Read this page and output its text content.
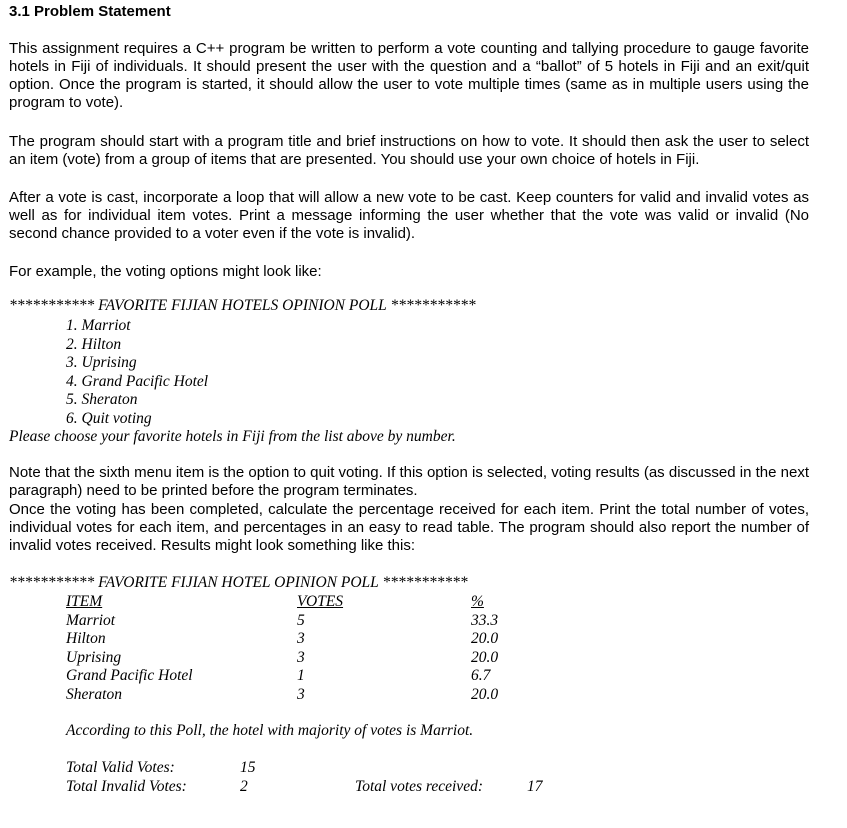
3.1 Problem Statement

This assignment requires a C++ program be written to perform a vote counting and tallying procedure to gauge favorite hotels in Fiji of individuals. It should present the user with the question and a “ballot” of 5 hotels in Fiji and an exit/quit option. Once the program is started, it should allow the user to vote multiple times (same as in multiple users using the program to vote).

The program should start with a program title and brief instructions on how to vote. It should then ask the user to select an item (vote) from a group of items that are presented. You should use your own choice of hotels in Fiji.

After a vote is cast, incorporate a loop that will allow a new vote to be cast. Keep counters for valid and invalid votes as well as for individual item votes. Print a message informing the user whether that the vote was valid or invalid (No second chance provided to a voter even if the vote is invalid).

For example, the voting options might look like:

*********** FAVORITE FIJIAN HOTELS OPINION POLL ***********
1. Marriot
2. Hilton
3. Uprising
4. Grand Pacific Hotel
5. Sheraton
6. Quit voting
Please choose your favorite hotels in Fiji from the list above by number.

Note that the sixth menu item is the option to quit voting. If this option is selected, voting results (as discussed in the next paragraph) need to be printed before the program terminates.

Once the voting has been completed, calculate the percentage received for each item. Print the total number of votes, individual votes for each item, and percentages in an easy to read table. The program should also report the number of invalid votes received. Results might look something like this:

*********** FAVORITE FIJIAN HOTEL OPINION POLL ***********
ITEM	VOTES	%
Marriot	5	33.3
Hilton	3	20.0
Uprising	3	20.0
Grand Pacific Hotel	1	6.7
Sheraton	3	20.0
According to this Poll, the hotel with majority of votes is Marriot.
Total Valid Votes:	15
Total Invalid Votes:	2	Total votes received:	17
